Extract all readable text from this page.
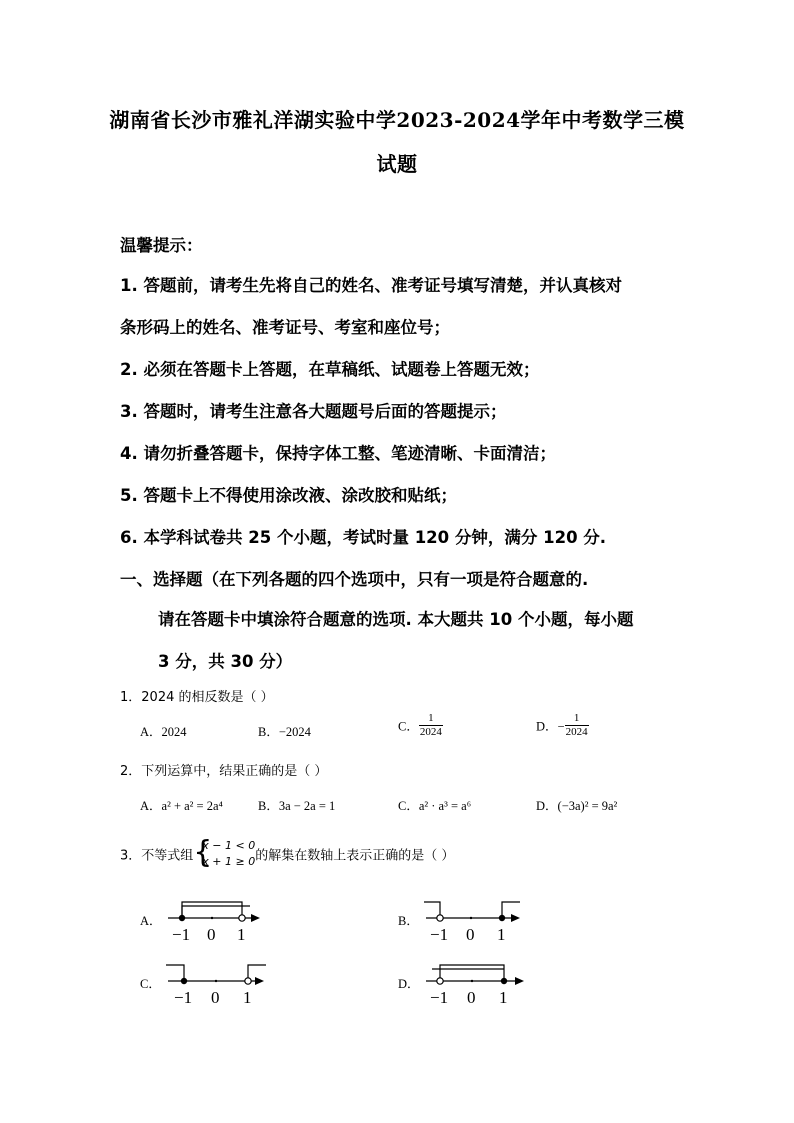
湖南省长沙市雅礼洋湖实验中学2023-2024学年中考数学三模
试题
温馨提示：
1. 答题前，请考生先将自己的姓名、准考证号填写清楚，并认真核对
条形码上的姓名、准考证号、考室和座位号；
2. 必须在答题卡上答题，在草稿纸、试题卷上答题无效；
3. 答题时，请考生注意各大题题号后面的答题提示；
4. 请勿折叠答题卡，保持字体工整、笔迹清晰、卡面清洁；
5. 答题卡上不得使用涂改液、涂改胶和贴纸；
6. 本学科试卷共 25 个小题，考试时量 120 分钟，满分 120 分.
一、选择题（在下列各题的四个选项中，只有一项是符合题意的.
请在答题卡中填涂符合题意的选项. 本大题共 10 个小题，每小题
3 分，共 30 分）
1．2024 的相反数是（ ）
A．2024	B．−2024	C． $\frac{1}{2024}$	D．− $\frac{1}{2024}$
2．下列运算中，结果正确的是（ ）
A．a² + a² = 2a⁴	B．3a − 2a = 1	C．a² · a³ = a⁶	D．(−3a)² = 9a²
3．不等式组 {
x − 1 < 0
x + 1 ≥ 0 的解集在数轴上表示正确的是（ ）
A．	B．
C．	D．
−1 0 1	−1 0 1
−1 0 1	−1 0 1
